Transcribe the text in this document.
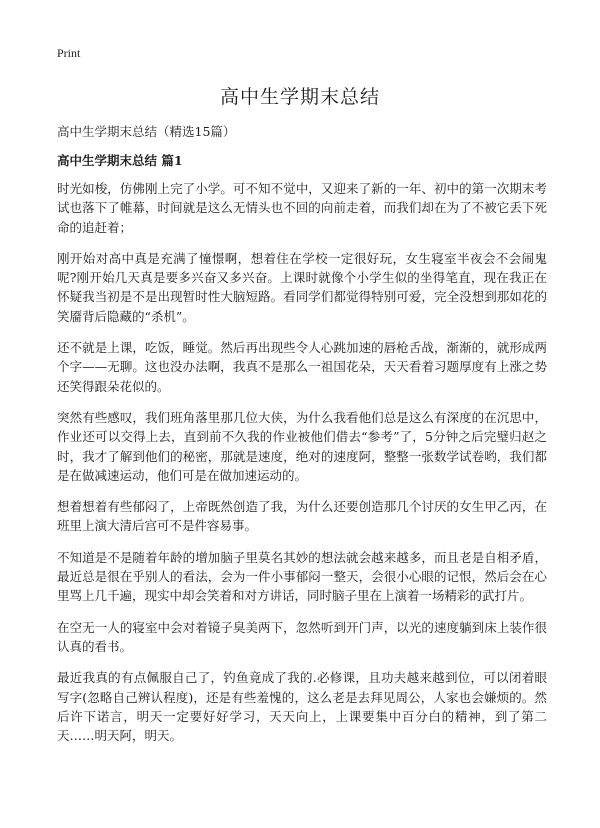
Print
高中生学期末总结

高中生学期末总结（精选15篇）

高中生学期末总结 篇1

时光如梭，仿佛刚上完了小学。可不知不觉中，又迎来了新的一年、初中的第一次期末考试也落下了帷幕，时间就是这么无情头也不回的向前走着，而我们却在为了不被它丢下死命的追赶着；

刚开始对高中真是充满了憧憬啊，想着住在学校一定很好玩，女生寝室半夜会不会闹鬼呢?刚开始几天真是要多兴奋又多兴奋。上课时就像个小学生似的坐得笔直，现在我正在怀疑我当初是不是出现暂时性大脑短路。看同学们都觉得特别可爱，完全没想到那如花的笑靥背后隐藏的“杀机”。

还不就是上课，吃饭，睡觉。然后再出现些令人心跳加速的唇枪舌战，渐渐的，就形成两个字——无聊。这也没办法啊，我真不是那么一祖国花朵，天天看着习题厚度有上涨之势还笑得跟朵花似的。

突然有些感叹，我们班角落里那几位大侠，为什么我看他们总是这么有深度的在沉思中，作业还可以交得上去，直到前不久我的作业被他们借去“参考”了，5分钟之后完璧归赵之时，我才了解到他们的秘密，那就是速度，绝对的速度阿，整整一张数学试卷哟，我们都是在做减速运动，他们可是在做加速运动的。

想着想着有些郁闷了，上帝既然创造了我，为什么还要创造那几个讨厌的女生甲乙丙，在班里上演大清后宫可不是件容易事。

不知道是不是随着年龄的增加脑子里莫名其妙的想法就会越来越多，而且老是自相矛盾，最近总是很在乎别人的看法，会为一件小事郁闷一整天，会很小心眼的记恨，然后会在心里骂上几千遍，现实中却会笑着和对方讲话，同时脑子里在上演着一场精彩的武打片。

在空无一人的寝室中会对着镜子臭美两下，忽然听到开门声，以光的速度躺到床上装作很认真的看书。

最近我真的有点佩服自己了，钓鱼竟成了我的.必修课，且功夫越来越到位，可以闭着眼写字(忽略自己辨认程度)，还是有些羞愧的，这么老是去拜见周公，人家也会嫌烦的。然后许下诺言，明天一定要好好学习，天天向上，上课要集中百分白的精神，到了第二天……明天阿，明天。
